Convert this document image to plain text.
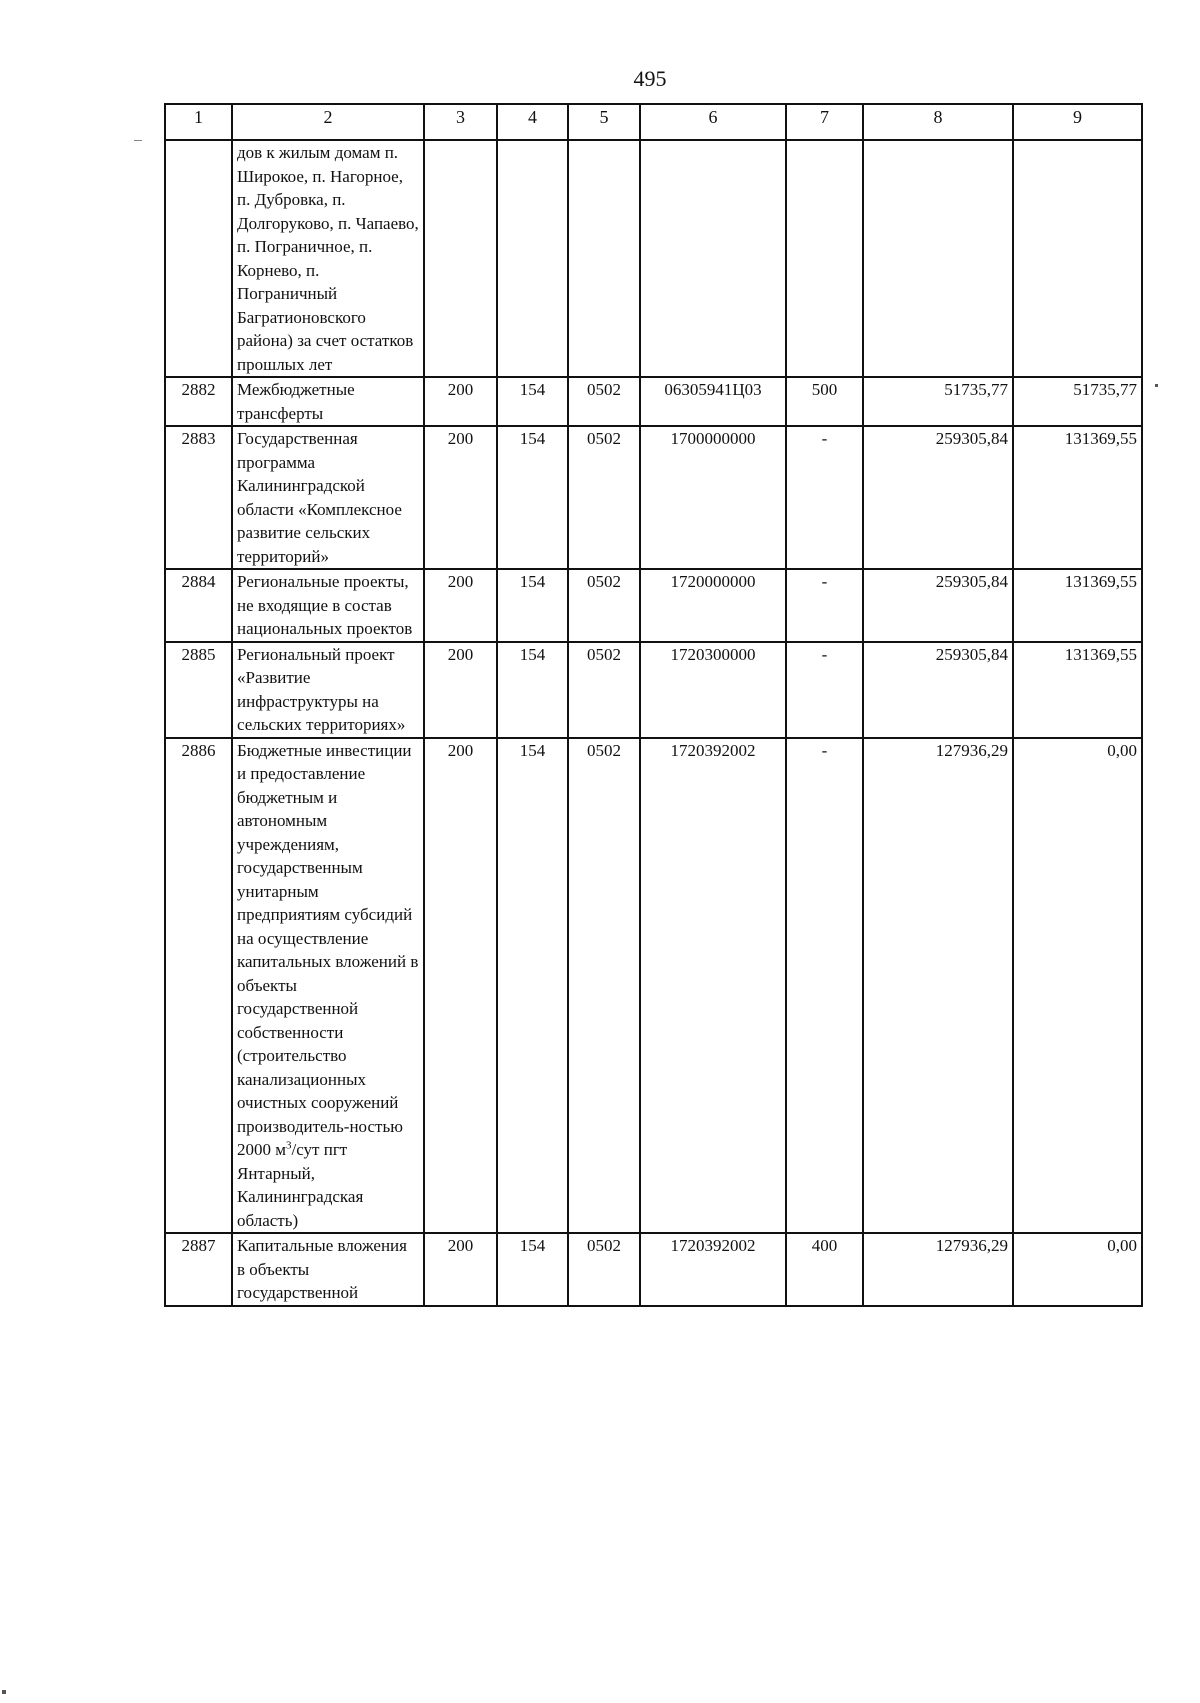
495
1	2	3	4	5	6	7	8	9
	дов к жилым домам п. Широкое, п. Нагорное, п. Дубровка, п. Долгоруково, п. Чапаево, п. Пограничное, п. Корнево, п. Пограничный Багратионовского района) за счет остатков прошлых лет							
2882	Межбюджетные трансферты	200	154	0502	06305941Ц03	500	51735,77	51735,77
2883	Государственная программа Калининградской области «Комплексное развитие сельских территорий»	200	154	0502	1700000000	-	259305,84	131369,55
2884	Региональные проекты, не входящие в состав национальных проектов	200	154	0502	1720000000	-	259305,84	131369,55
2885	Региональный проект «Развитие инфраструктуры на сельских территориях»	200	154	0502	1720300000	-	259305,84	131369,55
2886	Бюджетные инвестиции и предоставление бюджетным и автономным учреждениям, государственным унитарным предприятиям субсидий на осуществление капитальных вложений в объекты государственной собственности (строительство канализационных очистных сооружений производитель-ностью 2000 $м^3$/сут пгт Янтарный, Калининградская область)	200	154	0502	1720392002	-	127936,29	0,00
2887	Капитальные вложения в объекты государственной	200	154	0502	1720392002	400	127936,29	0,00
